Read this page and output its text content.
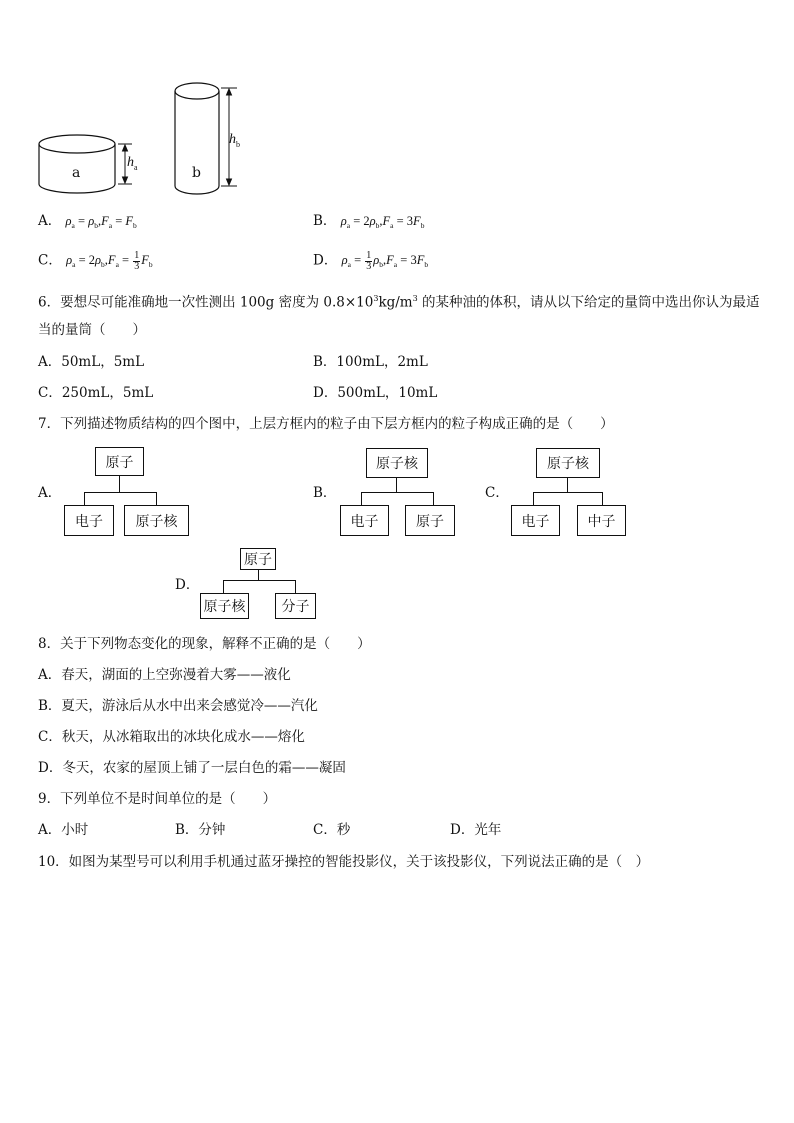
a	b
$h_a$
$h_b$
A． $\rho_a = \rho_b,F_a = F_b$	B． $\rho_a = 2\rho_b,F_a = 3F_b$
C． $\rho_a = 2\rho_b,F_a = \frac{1}{3} F_b$	D． $\rho_a = \frac{1}{3} \rho_b,F_a = 3F_b$
6．要想尽可能准确地一次性测出 100g 密度为 $0.8\times 10^3kg/m^3$ 的某种油的体积，请从以下给定的量筒中选出你认为最适
当的量筒（　　）
A．50mL，5mL	B．100mL，2mL
C．250mL，5mL	D．500mL，10mL
7．下列描述物质结构的四个图中，上层方框内的粒子由下层方框内的粒子构成正确的是（　　）
A．
原子
电子	原子核
B．
原子核
电子	原子
C．
原子核
电子	中子
D．
原子
原子核	分子
8．关于下列物态变化的现象，解释不正确的是（　　）
A．春天，湖面的上空弥漫着大雾——液化
B．夏天，游泳后从水中出来会感觉冷——汽化
C．秋天，从冰箱取出的冰块化成水——熔化
D．冬天，农家的屋顶上铺了一层白色的霜——凝固
9．下列单位不是时间单位的是（　　）
A．小时	B．分钟	C．秒	D．光年
10．如图为某型号可以利用手机通过蓝牙操控的智能投影仪，关于该投影仪，下列说法正确的是（　）
